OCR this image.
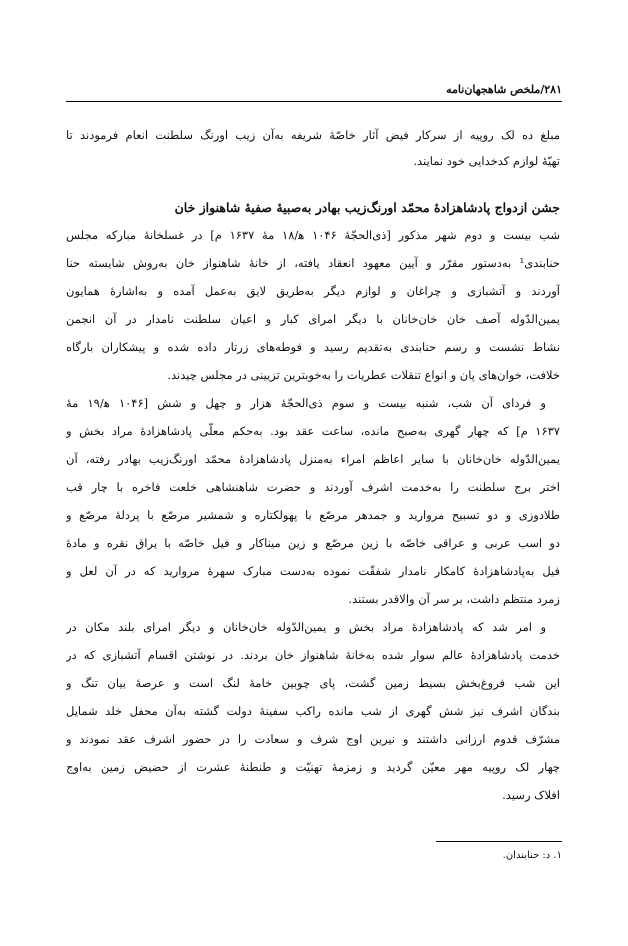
۲۸۱/ملخص شاهجهان‌نامه
مبلغ ده لک روپیه از سرکار فیض آثار خاصّۀ شریفه به‌آن زیب اورنگ سلطنت انعام فرمودند تا
تهیّۀ لوازم کدخدایی خود نمایند.
جشن ازدواج پادشاهزادۀ محمّد اورنگ‌زیب بهادر به‌صبیۀ صفیۀ شاهنواز خان
شب بیست و دوم شهر مذکور [ذی‌الحجّۀ ۱۰۴۶ ه‍/۱۸ مۀ ۱۶۳۷ م] در غسلخانۀ مبارکه مجلس
حنابندی¹ به‌دستور مقرّر و آیین معهود انعقاد یافته، از خانۀ شاهنواز خان به‌روش شایسته حنا
آوردند و آتشبازی و چراغان و لوازم دیگر به‌طریق لایق به‌عمل آمده و به‌اشارۀ همایون
یمین‌الدّوله آصف خان خان‌خانان با دیگر امرای کبار و اعیان سلطنت نامدار در آن انجمن
نشاط نشست و رسم حنابندی به‌تقدیم رسید و فوطه‌های زرتار داده شده و پیشکاران بارگاه
خلافت، خوان‌های پان و انواع تنقلات عطریات را به‌خوبترین تزیینی در مجلس چیدند.
و فردای آن شب، شنبه بیست و سوم ذی‌الحجّۀ هزار و چهل و شش [۱۰۴۶ ه‍/۱۹ مۀ
۱۶۳۷ م] که چهار گهری به‌صبح مانده، ساعت عقد بود. به‌حکم معلّی پادشاهزادۀ مراد بخش و
یمین‌الدّوله خان‌خانان با سایر اعاظم امراء به‌منزل پادشاهزادۀ محمّد اورنگ‌زیب بهادر رفته، آن
اختر برج سلطنت را به‌خدمت اشرف آوردند و حضرت شاهنشاهی خلعت فاخره با چار قب
طلادوزی و دو تسبیح مروارید و جمدهر مرصّع با پهولکتاره و شمشیر مرصّع با پردلۀ مرصّع و
دو اسب عربی و عراقی خاصّه با زین مرصّع و زین میناکار و فیل خاصّه با یراق نقره و مادۀ
فیل به‌پادشاهزادۀ کامکار نامدار شفقّت نموده به‌دست مبارک سهرۀ مروارید که در آن لعل و
زمرد منتظم داشت، بر سر آن والاقدر بستند.
و امر شد که پادشاهزادۀ مراد بخش و یمین‌الدّوله خان‌خانان و دیگر امرای بلند مکان در
خدمت پادشاهزادۀ عالم سوار شده به‌خانۀ شاهنواز خان بردند. در نوشتن اقسام آتشبازی که در
این شب فروغ‌بخش بسیط زمین گشت، پای چوبین خامۀ لنگ است و عرصۀ بیان تنگ و
بندگان اشرف نیز شش گهری از شب مانده راکب سفینۀ دولت گشته به‌آن محفل خلد شمایل
مشرّف قدوم ارزانی داشتند و نیرین اوج شرف و سعادت را در حضور اشرف عقد نمودند و
چهار لک روپیه مهر معیّن گردید و زمزمۀ تهنیّت و طنطنۀ عشرت از حضیض زمین به‌اوج
افلاک رسید.
۱. د: حنابندان.
